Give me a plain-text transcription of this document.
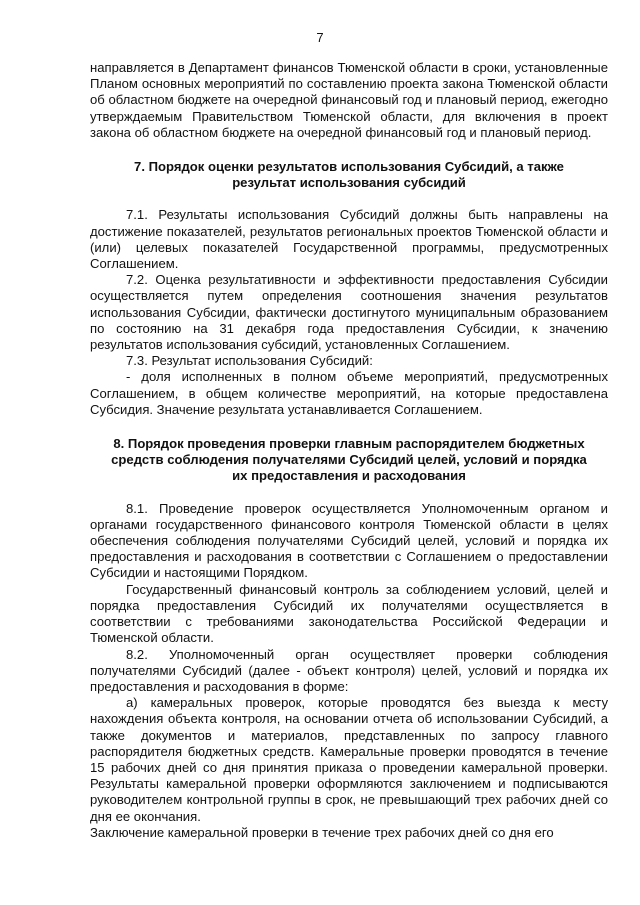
7

направляется в Департамент финансов Тюменской области в сроки, установленные Планом основных мероприятий по составлению проекта закона Тюменской области об областном бюджете на очередной финансовый год и плановый период, ежегодно утверждаемым Правительством Тюменской области, для включения в проект закона об областном бюджете на очередной финансовый год и плановый период.

7. Порядок оценки результатов использования Субсидий, а также

результат использования субсидий

7.1. Результаты использования Субсидий должны быть направлены на достижение показателей, результатов региональных проектов Тюменской области и (или) целевых показателей Государственной программы, предусмотренных Соглашением.

7.2. Оценка результативности и эффективности предоставления Субсидии осуществляется путем определения соотношения значения результатов использования Субсидии, фактически достигнутого муниципальным образованием по состоянию на 31 декабря года предоставления Субсидии, к значению результатов использования субсидий, установленных Соглашением.

7.3. Результат использования Субсидий:

- доля исполненных в полном объеме мероприятий, предусмотренных Соглашением, в общем количестве мероприятий, на которые предоставлена Субсидия. Значение результата устанавливается Соглашением.

8. Порядок проведения проверки главным распорядителем бюджетных

средств соблюдения получателями Субсидий целей, условий и порядка

их предоставления и расходования

8.1. Проведение проверок осуществляется Уполномоченным органом и органами государственного финансового контроля Тюменской области в целях обеспечения соблюдения получателями Субсидий целей, условий и порядка их предоставления и расходования в соответствии с Соглашением о предоставлении Субсидии и настоящими Порядком.

Государственный финансовый контроль за соблюдением условий, целей и порядка предоставления Субсидий их получателями осуществляется в соответствии с требованиями законодательства Российской Федерации и Тюменской области.

8.2. Уполномоченный орган осуществляет проверки соблюдения получателями Субсидий (далее - объект контроля) целей, условий и порядка их предоставления и расходования в форме:

а) камеральных проверок, которые проводятся без выезда к месту нахождения объекта контроля, на основании отчета об использовании Субсидий, а также документов и материалов, представленных по запросу главного распорядителя бюджетных средств. Камеральные проверки проводятся в течение 15 рабочих дней со дня принятия приказа о проведении камеральной проверки. Результаты камеральной проверки оформляются заключением и подписываются руководителем контрольной группы в срок, не превышающий трех рабочих дней со дня ее окончания.

Заключение камеральной проверки в течение трех рабочих дней со дня его
